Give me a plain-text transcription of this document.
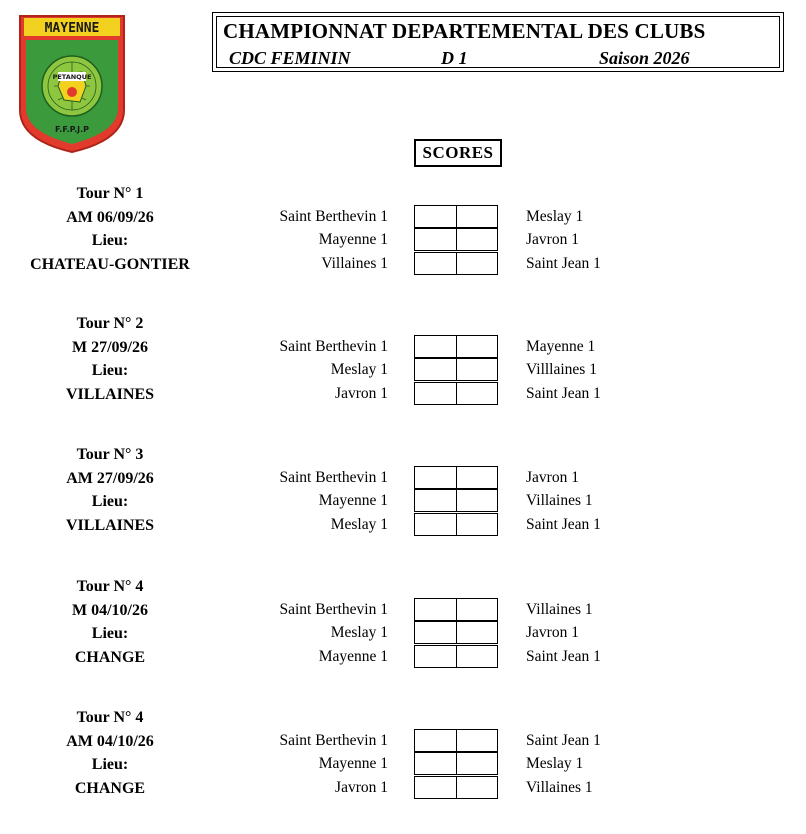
MAYENNE
PETANQUE
F.F.P.J.P
CHAMPIONNAT DEPARTEMENTAL DES CLUBS
CDC FEMININ	D 1	Saison 2026
SCORES
Tour N° 1
AM 06/09/26
Lieu:
CHATEAU-GONTIER
Saint Berthevin 1	Meslay 1
Mayenne 1	Javron 1
Villaines 1	Saint Jean 1
Tour N° 2
M 27/09/26
Lieu:
VILLAINES
Saint Berthevin 1	Mayenne 1
Meslay 1	Villlaines 1
Javron 1	Saint Jean 1
Tour N° 3
AM 27/09/26
Lieu:
VILLAINES
Saint Berthevin 1	Javron 1
Mayenne 1	Villaines 1
Meslay 1	Saint Jean 1
Tour N° 4
M 04/10/26
Lieu:
CHANGE
Saint Berthevin 1	Villaines 1
Meslay 1	Javron 1
Mayenne 1	Saint Jean 1
Tour N° 4
AM 04/10/26
Lieu:
CHANGE
Saint Berthevin 1	Saint Jean 1
Mayenne 1	Meslay 1
Javron 1	Villaines 1
